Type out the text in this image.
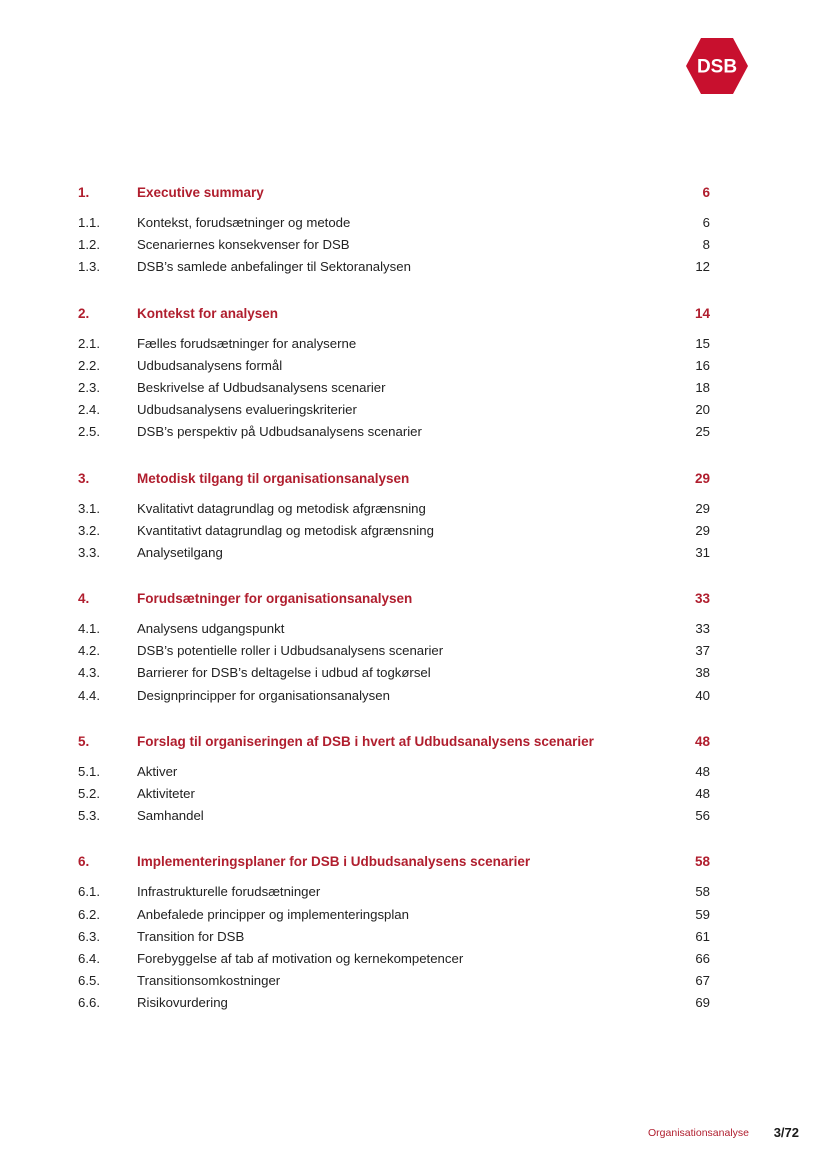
DSB
1.	Executive summary	6
1.1.	Kontekst, forudsætninger og metode	6
1.2.	Scenariernes konsekvenser for DSB	8
1.3.	DSB’s samlede anbefalinger til Sektoranalysen	12
2.	Kontekst for analysen	14
2.1.	Fælles forudsætninger for analyserne	15
2.2.	Udbudsanalysens formål	16
2.3.	Beskrivelse af Udbudsanalysens scenarier	18
2.4.	Udbudsanalysens evalueringskriterier	20
2.5.	DSB’s perspektiv på Udbudsanalysens scenarier	25
3.	Metodisk tilgang til organisationsanalysen	29
3.1.	Kvalitativt datagrundlag og metodisk afgrænsning	29
3.2.	Kvantitativt datagrundlag og metodisk afgrænsning	29
3.3.	Analysetilgang	31
4.	Forudsætninger for organisationsanalysen	33
4.1.	Analysens udgangspunkt	33
4.2.	DSB’s potentielle roller i Udbudsanalysens scenarier	37
4.3.	Barrierer for DSB’s deltagelse i udbud af togkørsel	38
4.4.	Designprincipper for organisationsanalysen	40
5.	Forslag til organiseringen af DSB i hvert af Udbudsanalysens scenarier	48
5.1.	Aktiver	48
5.2.	Aktiviteter	48
5.3.	Samhandel	56
6.	Implementeringsplaner for DSB i Udbudsanalysens scenarier	58
6.1.	Infrastrukturelle forudsætninger	58
6.2.	Anbefalede principper og implementeringsplan	59
6.3.	Transition for DSB	61
6.4.	Forebyggelse af tab af motivation og kernekompetencer	66
6.5.	Transitionsomkostninger	67
6.6.	Risikovurdering	69
Organisationsanalyse 3/72
